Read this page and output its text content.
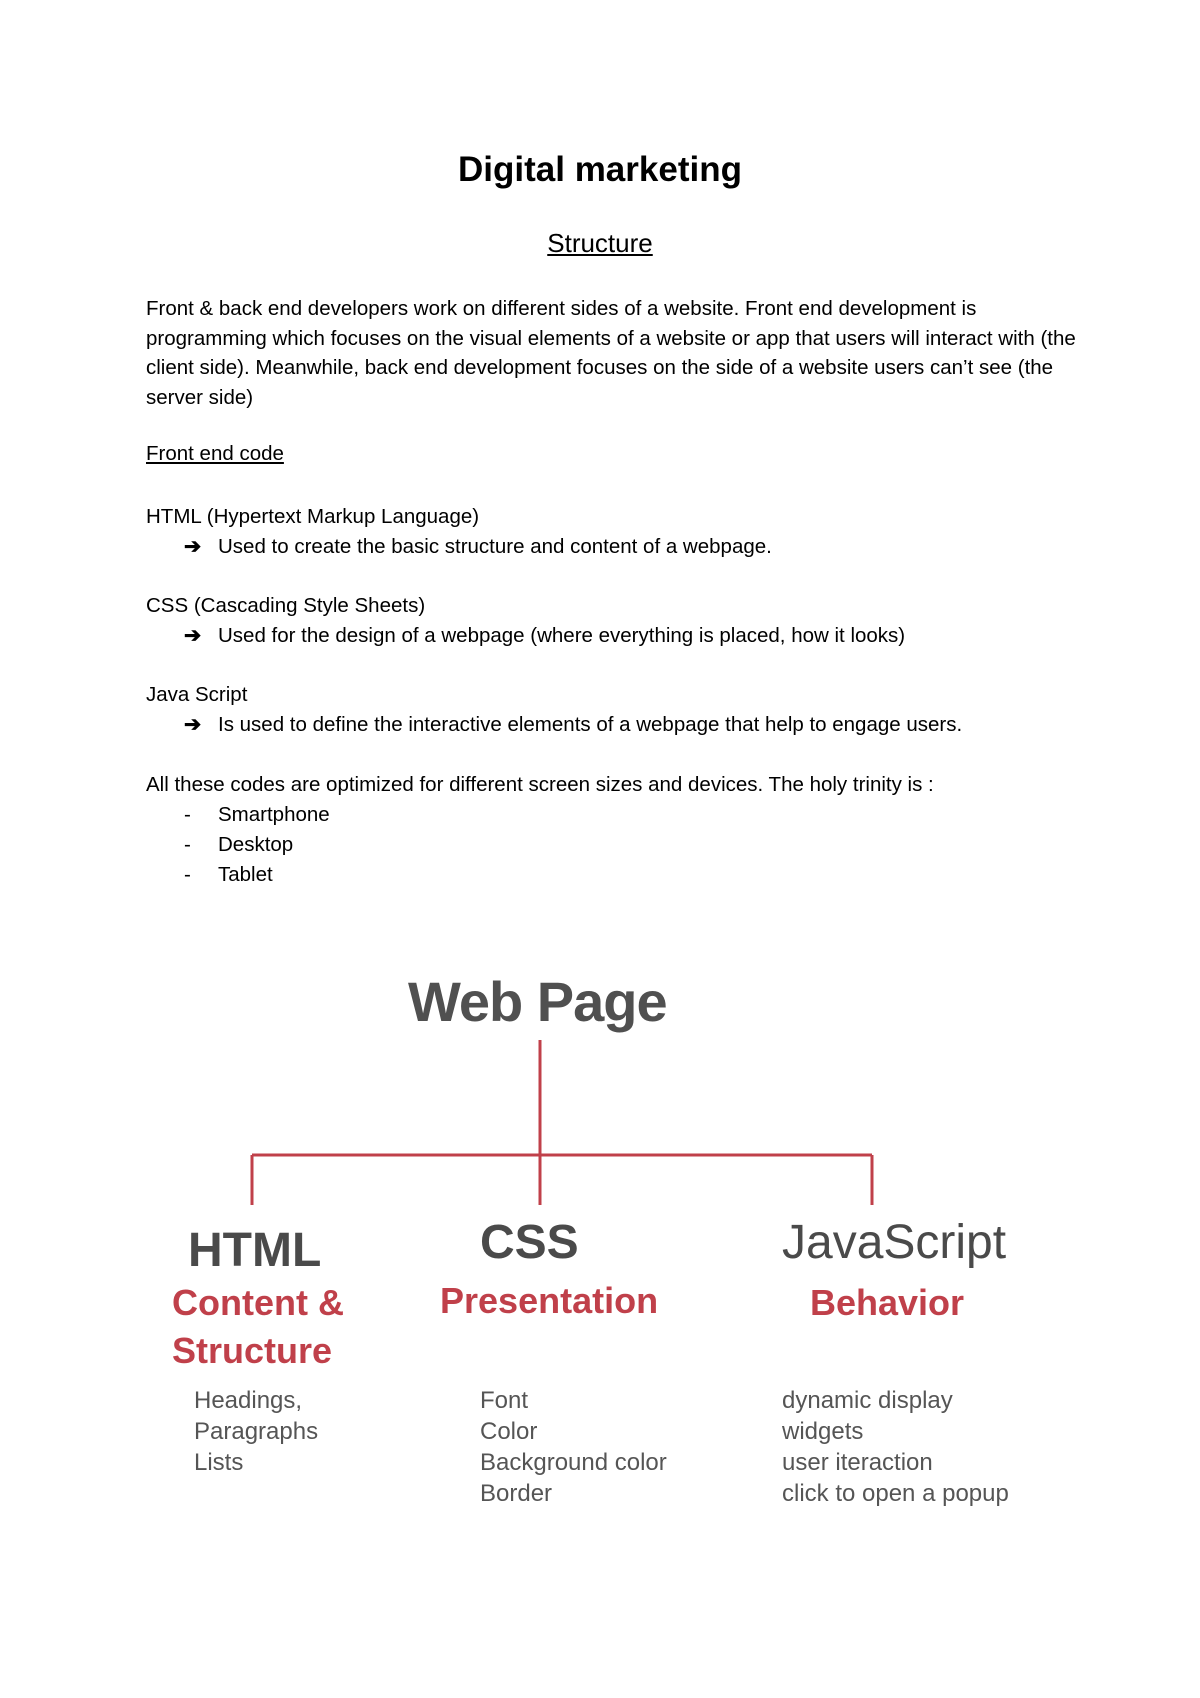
Digital marketing
Structure

Front & back end developers work on different sides of a website. Front end development is programming which focuses on the visual elements of a website or app that users will interact with (the client side). Meanwhile, back end development focuses on the side of a website users can’t see (the server side)

Front end code

HTML (Hypertext Markup Language)
➔ Used to create the basic structure and content of a webpage.
CSS (Cascading Style Sheets)
➔ Used for the design of a webpage (where everything is placed, how it looks)
Java Script
➔ Is used to define the interactive elements of a webpage that help to engage users.
All these codes are optimized for different screen sizes and devices. The holy trinity is :
- Smartphone
- Desktop
- Tablet
Web Page
HTML
Content &
Structure
Headings,
Paragraphs
Lists
CSS
Presentation
Font
Color
Background color
Border
JavaScript
Behavior
dynamic display
widgets
user iteraction
click to open a popup
